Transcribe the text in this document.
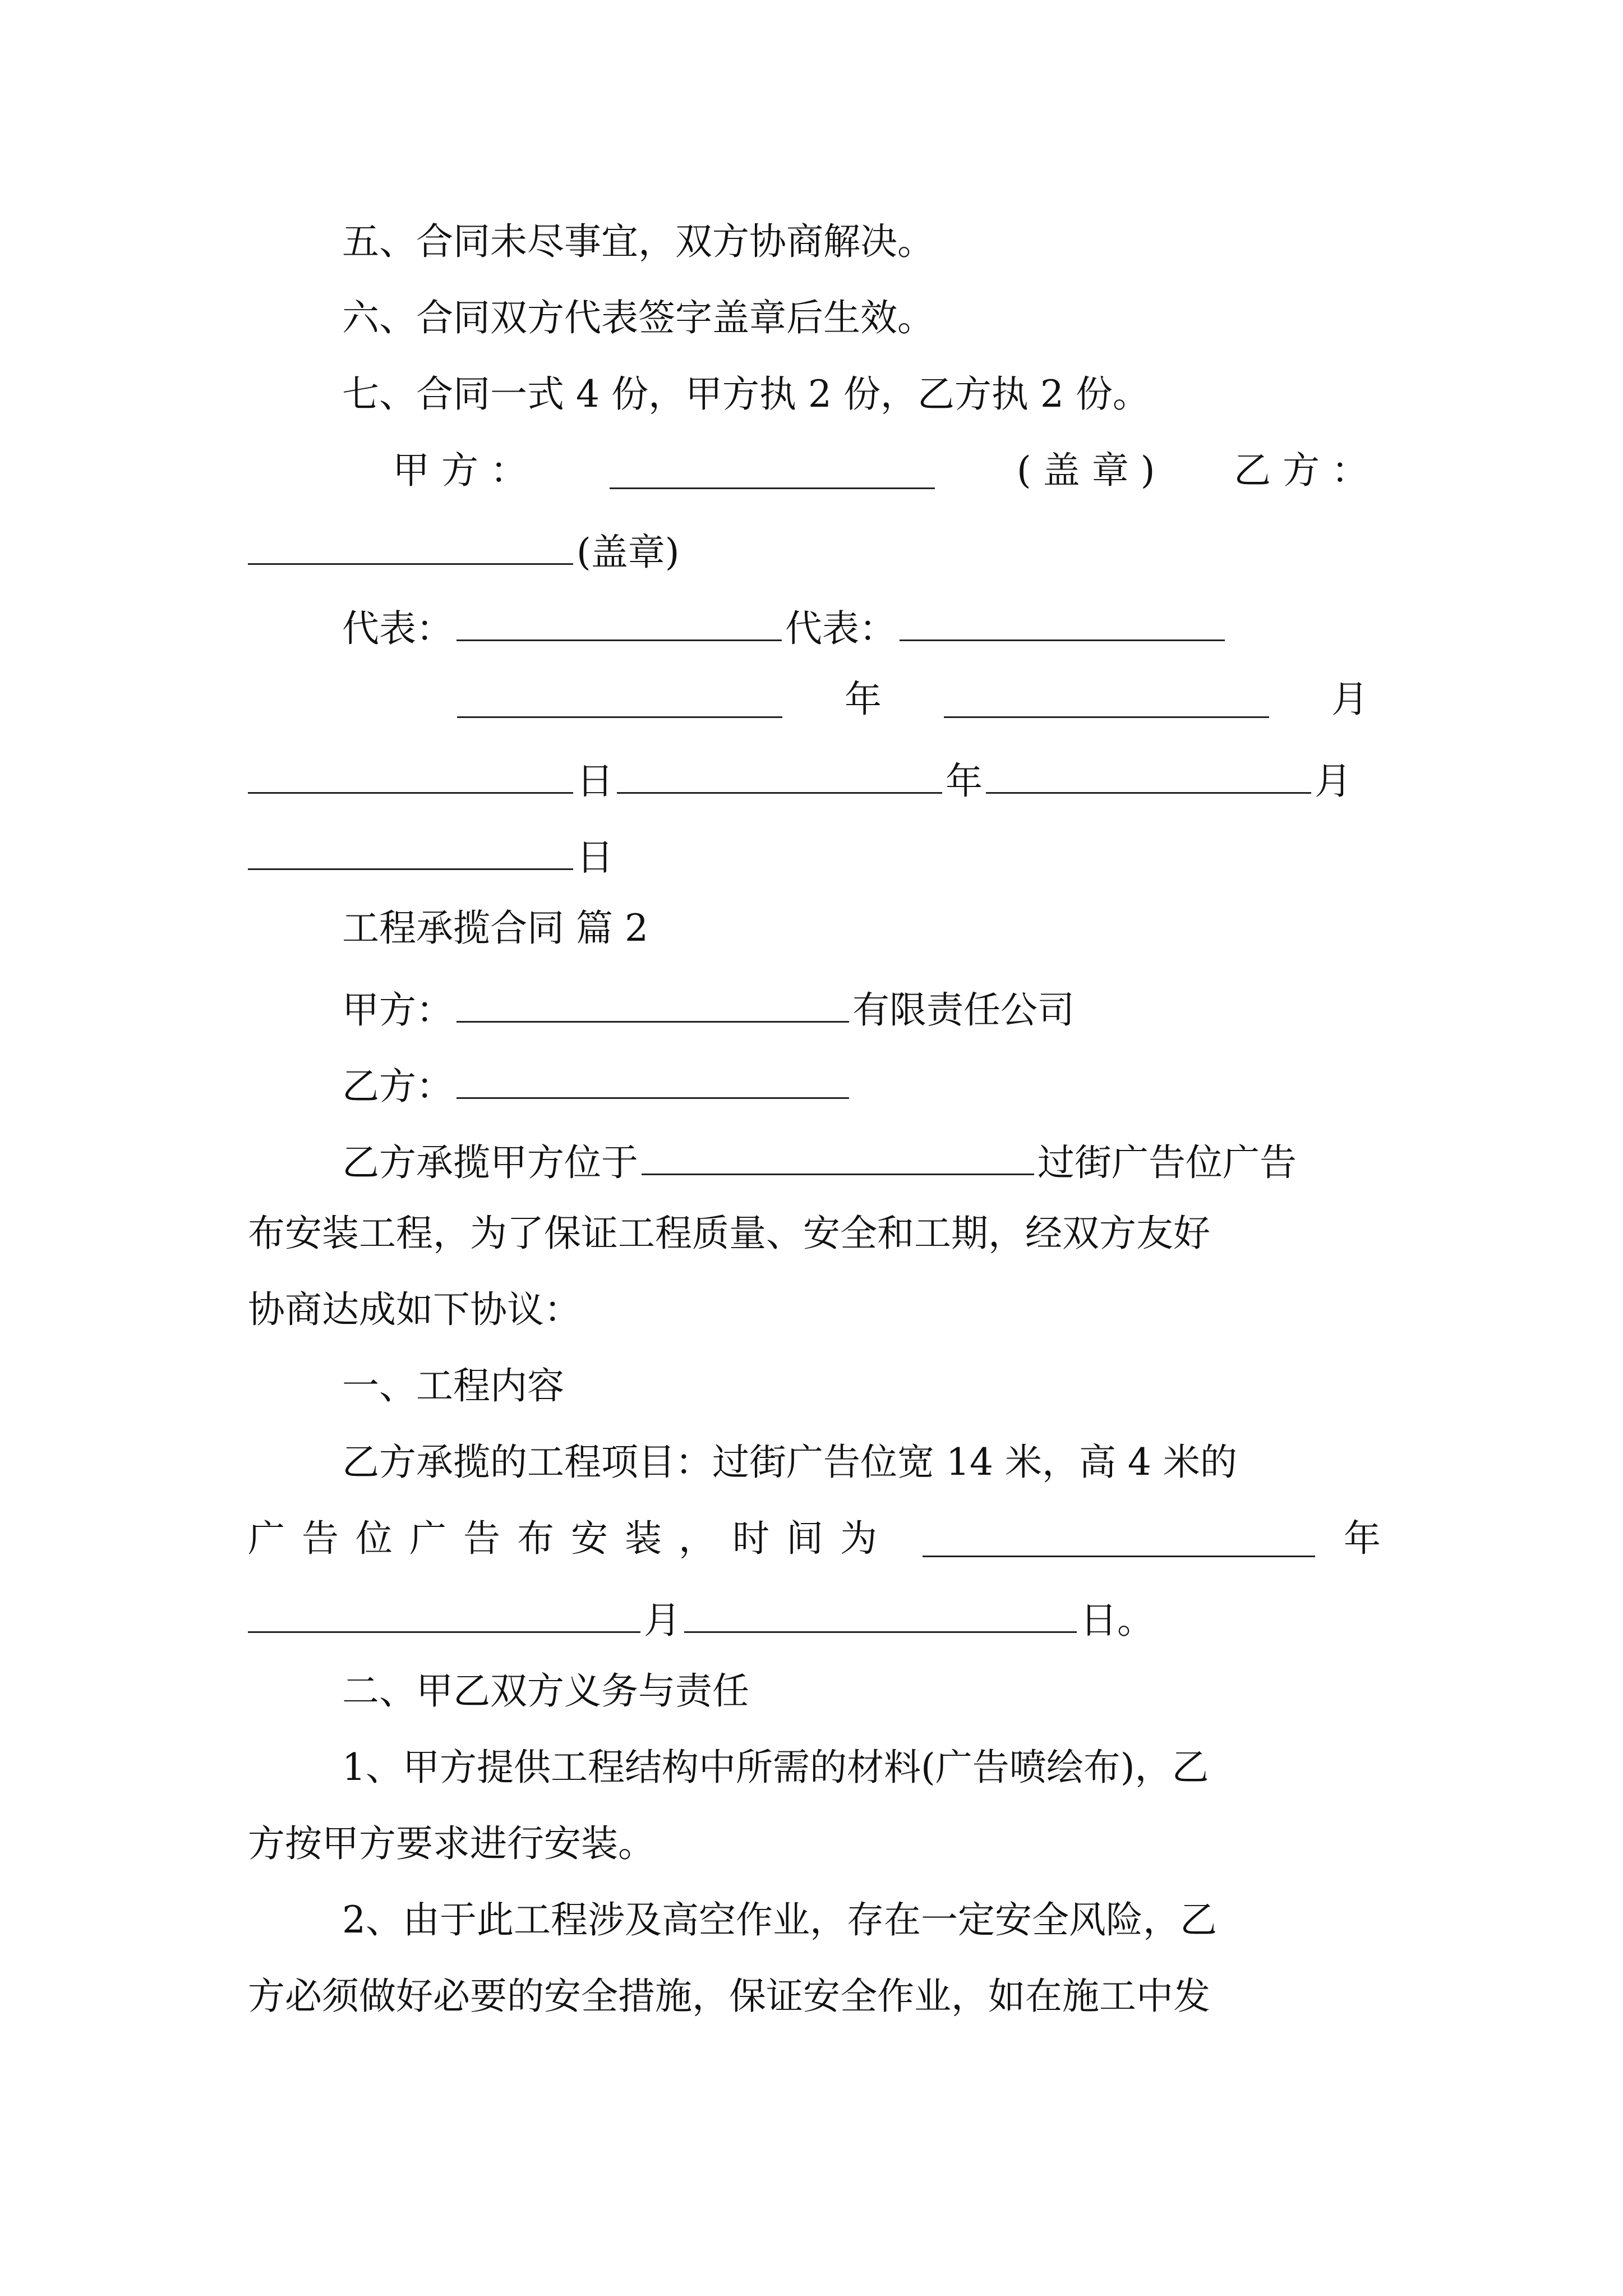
五、合同未尽事宜，双方协商解决。
六、合同双方代表签字盖章后生效。
七、合同一式 4 份，甲方执 2 份，乙方执 2 份。
甲 方 ：	( 盖 章 ) 乙 方 ：
(盖章)
代表：	代表：
年	月
日	年	月
日
工程承揽合同 篇 2
甲方：	有限责任公司
乙方：
乙方承揽甲方位于	过街广告位广告
布安装工程，为了保证工程质量、安全和工期，经双方友好
协商达成如下协议：
一、工程内容
乙方承揽的工程项目：过街广告位宽 14 米，高 4 米的
广告位广告布安装，时间为	年
月	日。
二、甲乙双方义务与责任
1、甲方提供工程结构中所需的材料(广告喷绘布)，乙
方按甲方要求进行安装。
2、由于此工程涉及高空作业，存在一定安全风险，乙
方必须做好必要的安全措施，保证安全作业，如在施工中发
